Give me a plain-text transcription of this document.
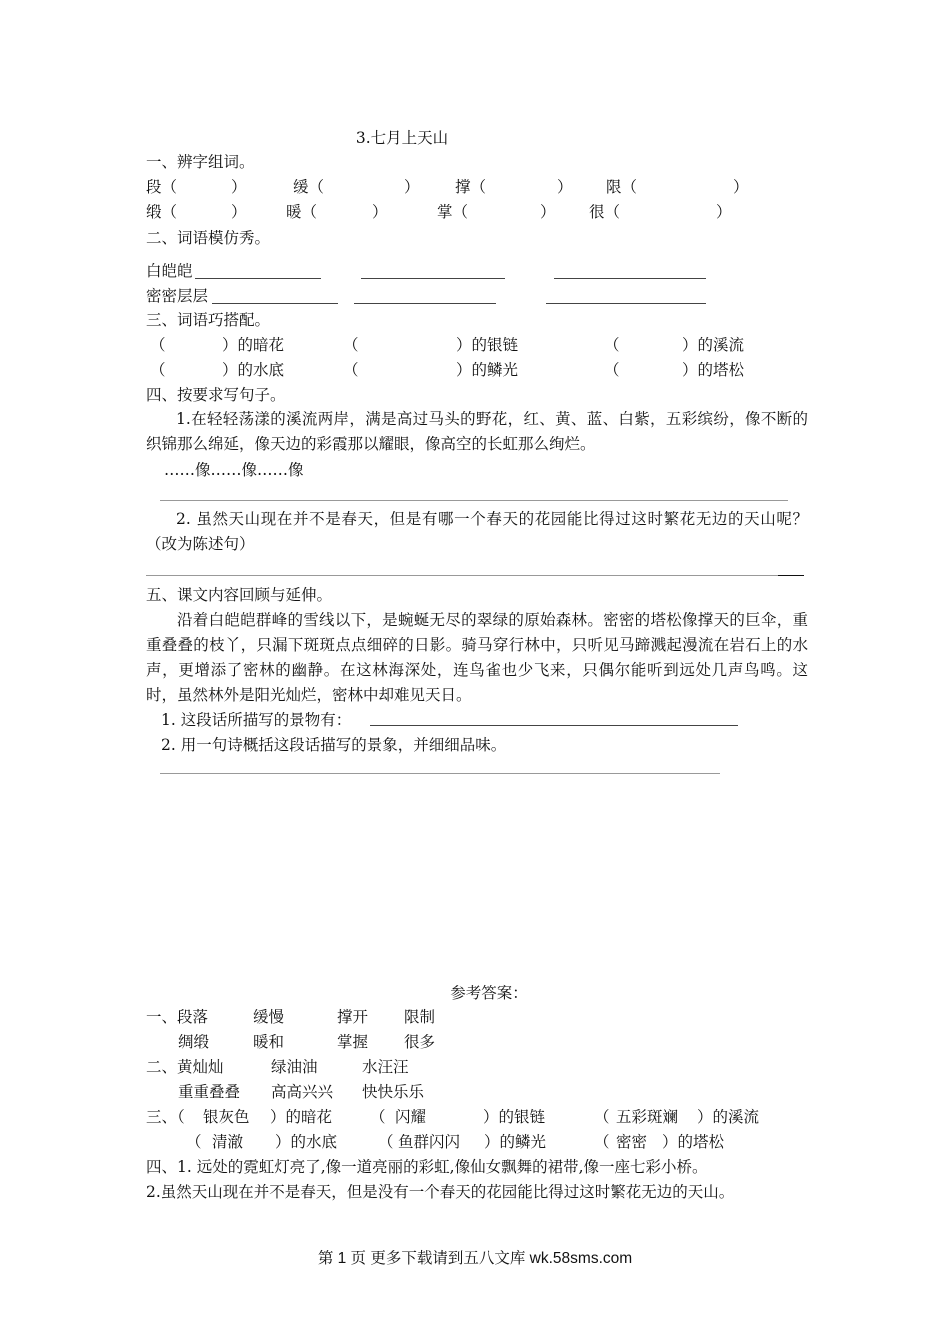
3.七月上天山
一、辨字组词。
段（	）	缓（	） 撑（	） 限（	）
缎（	）	暖（	）	掌（	） 很（	）
二、词语模仿秀。
白皑皑
密密层层
三、词语巧搭配。
（	）的暗花	（	）的银链	（	）的溪流
（	）的水底	（	）的鳞光	（	）的塔松
四、按要求写句子。
1.在轻轻荡漾的溪流两岸，满是高过马头的野花，红、黄、蓝、白紫，五彩缤纷，像不断的织锦那么绵延，像天边的彩霞那以耀眼，像高空的长虹那么绚烂。
……像……像……像
2. 虽然天山现在并不是春天，但是有哪一个春天的花园能比得过这时繁花无边的天山呢？（改为陈述句）
五、课文内容回顾与延伸。
沿着白皑皑群峰的雪线以下，是蜿蜒无尽的翠绿的原始森林。密密的塔松像撑天的巨伞，重重叠叠的枝丫，只漏下斑斑点点细碎的日影。骑马穿行林中，只听见马蹄溅起漫流在岩石上的水声，更增添了密林的幽静。在这林海深处，连鸟雀也少飞来，只偶尔能听到远处几声鸟鸣。这时，虽然林外是阳光灿烂，密林中却难见天日。
1. 这段话所描写的景物有：
2. 用一句诗概括这段话描写的景象，并细细品味。
参考答案：
一、段落	缓慢	撑开 限制
绸缎	暖和	掌握 很多
二、黄灿灿	绿油油	水汪汪
重重叠叠 高高兴兴 快快乐乐
三、（ 银灰色 ）的暗花 （ 闪耀	）的银链	（ 五彩斑斓 ）的溪流
（ 清澈 ）的水底	（ 鱼群闪闪 ）的鳞光	（ 密密 ）的塔松
四、1. 远处的霓虹灯亮了,像一道亮丽的彩虹,像仙女飘舞的裙带,像一座七彩小桥。
2.虽然天山现在并不是春天，但是没有一个春天的花园能比得过这时繁花无边的天山。
第 1 页 更多下载请到五八文库 wk.58sms.com
